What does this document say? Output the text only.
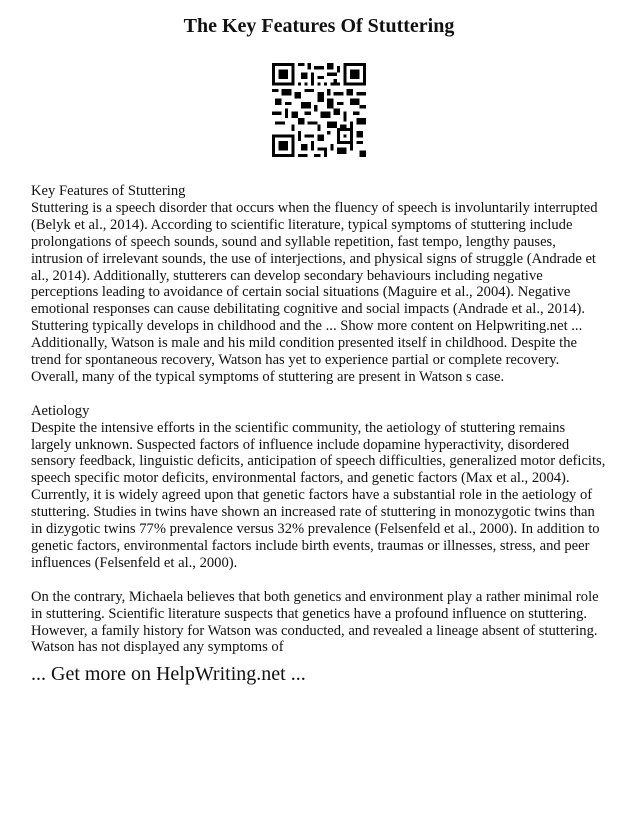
The Key Features Of Stuttering

Key Features of Stuttering

Stuttering is a speech disorder that occurs when the fluency of speech is involuntarily interrupted (Belyk et al., 2014). According to scientific literature, typical symptoms of stuttering include prolongations of speech sounds, sound and syllable repetition, fast tempo, lengthy pauses, intrusion of irrelevant sounds, the use of interjections, and physical signs of struggle (Andrade et al., 2014). Additionally, stutterers can develop secondary behaviours including negative perceptions leading to avoidance of certain social situations (Maguire et al., 2004). Negative emotional responses can cause debilitating cognitive and social impacts (Andrade et al., 2014). Stuttering typically develops in childhood and the ... Show more content on Helpwriting.net ...

Additionally, Watson is male and his mild condition presented itself in childhood. Despite the trend for spontaneous recovery, Watson has yet to experience partial or complete recovery. Overall, many of the typical symptoms of stuttering are present in Watson s case.

Aetiology

Despite the intensive efforts in the scientific community, the aetiology of stuttering remains largely unknown. Suspected factors of influence include dopamine hyperactivity, disordered sensory feedback, linguistic deficits, anticipation of speech difficulties, generalized motor deficits, speech specific motor deficits, environmental factors, and genetic factors (Max et al., 2004). Currently, it is widely agreed upon that genetic factors have a substantial role in the aetiology of stuttering. Studies in twins have shown an increased rate of stuttering in monozygotic twins than in dizygotic twins 77% prevalence versus 32% prevalence (Felsenfeld et al., 2000). In addition to genetic factors, environmental factors include birth events, traumas or illnesses, stress, and peer influences (Felsenfeld et al., 2000).

On the contrary, Michaela believes that both genetics and environment play a rather minimal role in stuttering. Scientific literature suspects that genetics have a profound influence on stuttering. However, a family history for Watson was conducted, and revealed a lineage absent of stuttering. Watson has not displayed any symptoms of

... Get more on HelpWriting.net ...
